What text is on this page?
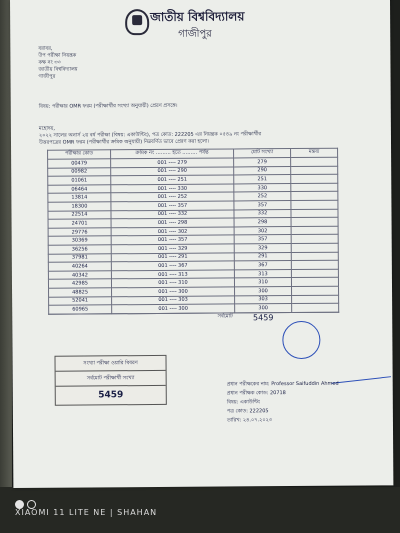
জাতীয় বিশ্ববিদ্যালয়
গাজীপুর
বরাবর,
উপ পরীক্ষা নিয়ন্ত্রক
কক্ষ নং ৩৩
জাতীয় বিশ্ববিদ্যালয়
গাজীপুর
বিষয়: পরীক্ষার OMR ফরম (পরীক্ষার্থীর সংখ্যা অনুযায়ী) প্রেরণ প্রসঙ্গে।
মহোদয়,
২০২২ সালের অনার্স ২য় বর্ষ পরীক্ষা (বিষয়: একাউন্টিং), পত্র কোড: 222205 এর নিয়ন্ত্রক ০৫৪৯ নং পরীক্ষার্থীর
উত্তরপত্রের OMR ফরম (পরীক্ষার্থীর ক্রমিক অনুযায়ী) নিম্নবর্ণিত ভাবে প্রেরণ করা হলো।
পরীক্ষার কোড	ক্রমিক নং ……… হতে ……… পর্যন্ত	মোট সংখ্যা	মন্তব্য
00479	001 ---- 279	279	
00982	001 ---- 290	290	
01061	001 ---- 251	251	
06464	001 ---- 330	330	
13814	001 ---- 252	252	
18300	001 ---- 357	357	
22514	001 ---- 332	332	
24701	001 ---- 298	298	
29776	001 ---- 302	302	
30369	001 ---- 357	357	
36256	001 ---- 329	329	
37981	001 ---- 291	291	
40264	001 ---- 367	367	
40342	001 ---- 313	313	
42985	001 ---- 310	310	
48825	001 ---- 300	300	
52041	001 ---- 303	303	
60965	001 ---- 300	300	
	সর্বমোট	5459	
সংখ্যা পরীক্ষা ওয়ারি বিবরণ
সর্বমোট পরীক্ষার্থী সংখ্যা
5459
প্রধান পরীক্ষকের নাম: Professor Saifuddin Ahmed
প্রধান পরীক্ষক কোড: 20718
বিষয়: একাউন্টিং
পত্র কোড: 222205
তারিখ: ২৪.০৭.২০২৩
XIAOMI 11 LITE NE | SHAHAN
